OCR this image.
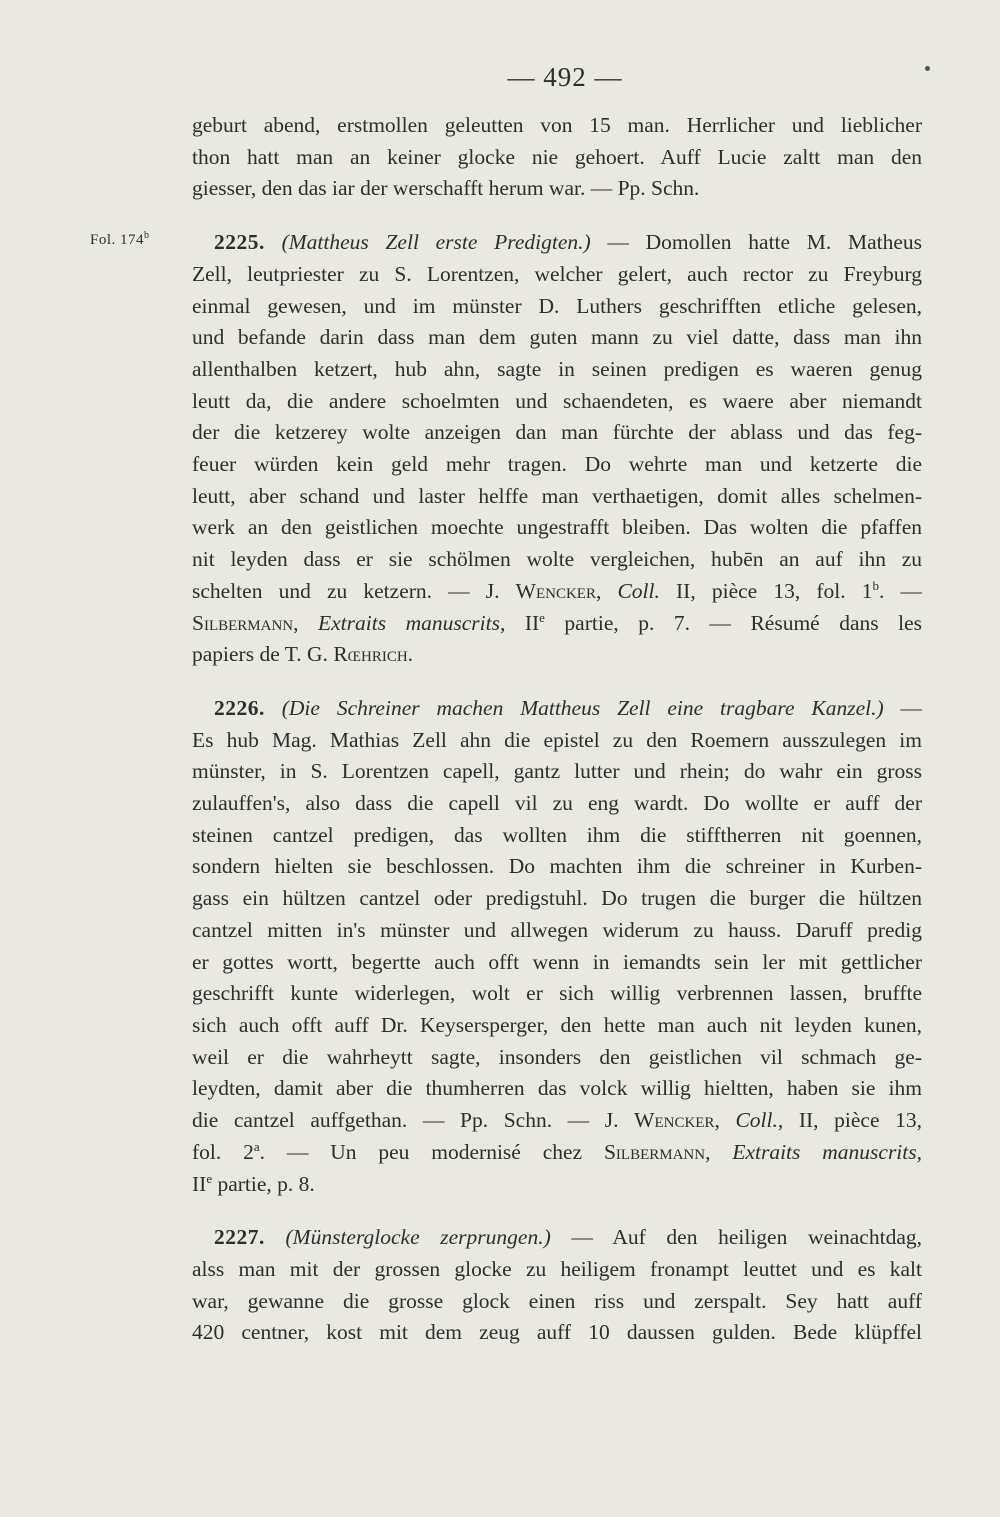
— 492 —
Fol. 174$^b$
geburt abend, erstmollen geleutten von 15 man. Herrlicher und lieblicher
thon hatt man an keiner glocke nie gehoert. Auff Lucie zaltt man den
giesser, den das iar der werschafft herum war. — Pp. Schn.
2225. (Mattheus Zell erste Predigten.) — Domollen hatte M. Matheus
Zell, leutpriester zu S. Lorentzen, welcher gelert, auch rector zu Freyburg
einmal gewesen, und im münster D. Luthers geschrifften etliche gelesen,
und befande darin dass man dem guten mann zu viel datte, dass man ihn
allenthalben ketzert, hub ahn, sagte in seinen predigen es waeren genug
leutt da, die andere schoelmten und schaendeten, es waere aber niemandt
der die ketzerey wolte anzeigen dan man fürchte der ablass und das feg-
feuer würden kein geld mehr tragen. Do wehrte man und ketzerte die
leutt, aber schand und laster helffe man verthaetigen, domit alles schelmen-
werk an den geistlichen moechte ungestrafft bleiben. Das wolten die pfaffen
nit leyden dass er sie schölmen wolte vergleichen, hubēn an auf ihn zu
schelten und zu ketzern. — J. Wencker, Coll. II, pièce 13, fol. 1$^b$. —
Silbermann, Extraits manuscrits, IIe partie, p. 7. — Résumé dans les
papiers de T. G. Rœhrich.
2226. (Die Schreiner machen Mattheus Zell eine tragbare Kanzel.) —
Es hub Mag. Mathias Zell ahn die epistel zu den Roemern ausszulegen im
münster, in S. Lorentzen capell, gantz lutter und rhein; do wahr ein gross
zulauffen's, also dass die capell vil zu eng wardt. Do wollte er auff der
steinen cantzel predigen, das wollten ihm die stifftherren nit goennen,
sondern hielten sie beschlossen. Do machten ihm die schreiner in Kurben-
gass ein hültzen cantzel oder predigstuhl. Do trugen die burger die hültzen
cantzel mitten in's münster und allwegen widerum zu hauss. Daruff predig
er gottes wortt, begertte auch offt wenn in iemandts sein ler mit gettlicher
geschrifft kunte widerlegen, wolt er sich willig verbrennen lassen, bruffte
sich auch offt auff Dr. Keysersperger, den hette man auch nit leyden kunen,
weil er die wahrheytt sagte, insonders den geistlichen vil schmach ge-
leydten, damit aber die thumherren das volck willig hieltten, haben sie ihm
die cantzel auffgethan. — Pp. Schn. — J. Wencker, Coll., II, pièce 13,
fol. 2$^a$. — Un peu modernisé chez Silbermann, Extraits manuscrits,
IIe partie, p. 8.
2227. (Münsterglocke zerprungen.) — Auf den heiligen weinachtdag,
alss man mit der grossen glocke zu heiligem fronampt leuttet und es kalt
war, gewanne die grosse glock einen riss und zerspalt. Sey hatt auff
420 centner, kost mit dem zeug auff 10 daussen gulden. Bede klüpffel
